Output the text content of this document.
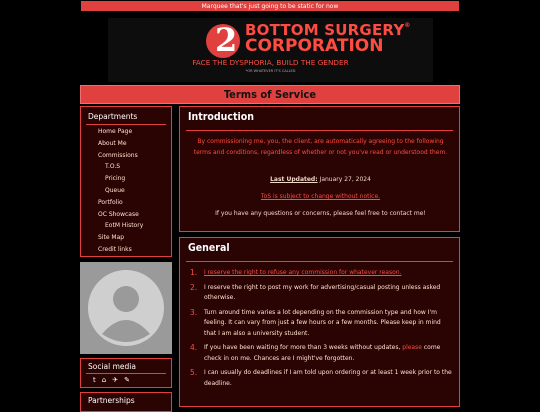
Marquee that's just going to be static for now
2 BOTTOM SURGERY®
CORPORATION
FACE THE DYSPHORIA, BUILD THE GENDER
*OR WHATEVER IT'S CALLED
Terms of Service
Departments
Home Page
About Me
Commissions
T.O.S
Pricing
Queue
Portfolio
OC Showcase
EotM History
Site Map
Credit links
Social media
t⌂✈✎
Partnerships
Introduction
By commissioning me, you, the client, are automatically agreeing to the following terms and conditions, regardless of whether or not you've read or understood them.
Last Updated: January 27, 2024
ToS is subject to change without notice.
If you have any questions or concerns, please feel free to contact me!
General
1. I reserve the right to refuse any commission for whatever reason.
2. I reserve the right to post my work for advertising/casual posting unless asked otherwise.
3. Turn around time varies a lot depending on the commission type and how I'm feeling. It can vary from just a few hours or a few months. Please keep in mind that I am also a university student.
4. If you have been waiting for more than 3 weeks without updates, please come check in on me. Chances are I might've forgotten.
5. I can usually do deadlines if I am told upon ordering or at least 1 week prior to the deadline.
